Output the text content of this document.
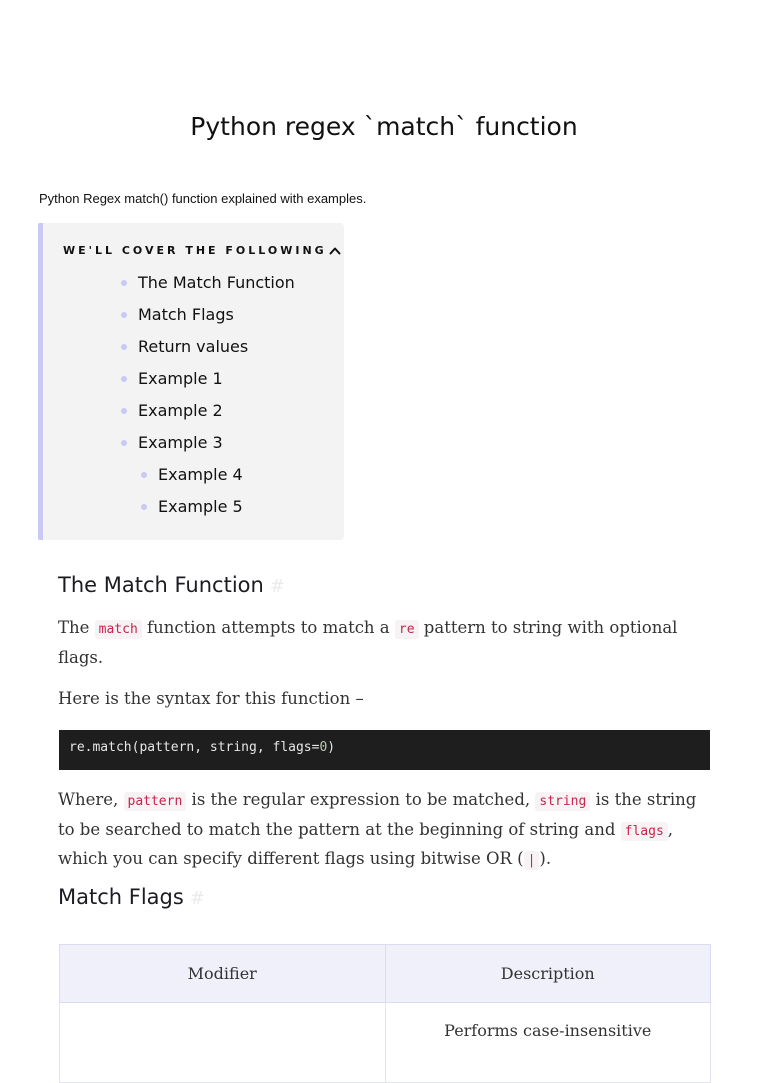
Python regex `match` function

Python Regex match() function explained with examples.

WE'LL COVER THE FOLLOWING
The Match Function
Match Flags
Return values
Example 1
Example 2
Example 3
Example 4
Example 5
The Match Function #

The match function attempts to match a re pattern to string with optional flags.

Here is the syntax for this function –

re.match(pattern, string, flags=0)

Where, pattern is the regular expression to be matched, string is the string to be searched to match the pattern at the beginning of string and flags , which you can specify different flags using bitwise OR ( | ).

Match Flags #
Modifier	Description
	Performs case-insensitive
